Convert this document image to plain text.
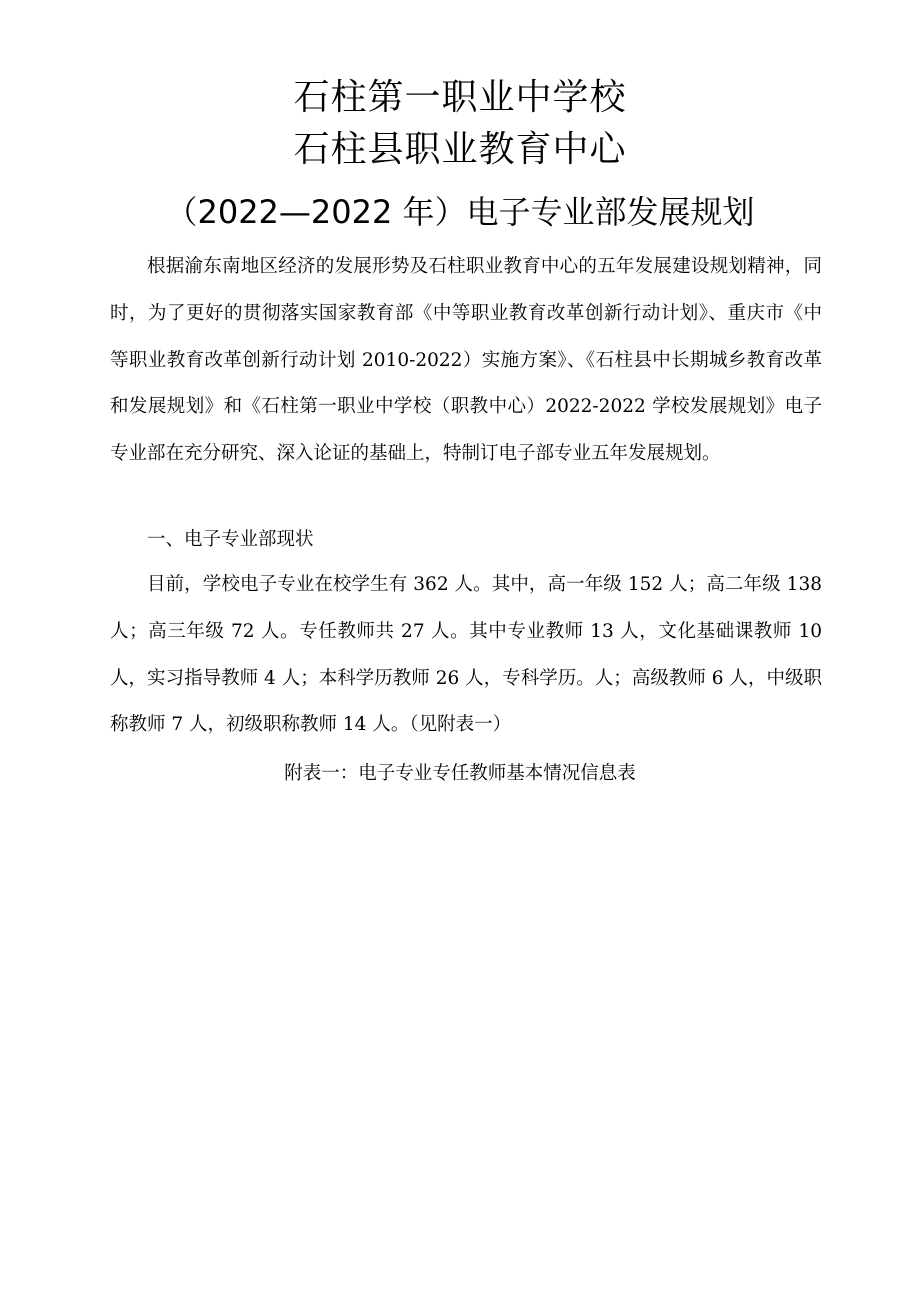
石柱第一职业中学校
石柱县职业教育中心
（2022—2022 年）电子专业部发展规划

根据渝东南地区经济的发展形势及石柱职业教育中心的五年发展建设规划精神，同时，为了更好的贯彻落实国家教育部《中等职业教育改革创新行动计划》、重庆市《中等职业教育改革创新行动计划 2010-2022）实施方案》、《石柱县中长期城乡教育改革和发展规划》和《石柱第一职业中学校（职教中心）2022-2022 学校发展规划》电子专业部在充分研究、深入论证的基础上，特制订电子部专业五年发展规划。

一、电子专业部现状

目前，学校电子专业在校学生有 362 人。其中，高一年级 152 人；高二年级 138 人；高三年级 72 人。专任教师共 27 人。其中专业教师 13 人，文化基础课教师 10 人，实习指导教师 4 人；本科学历教师 26 人，专科学历。人；高级教师 6 人，中级职称教师 7 人，初级职称教师 14 人。（见附表一）

附表一：电子专业专任教师基本情况信息表
